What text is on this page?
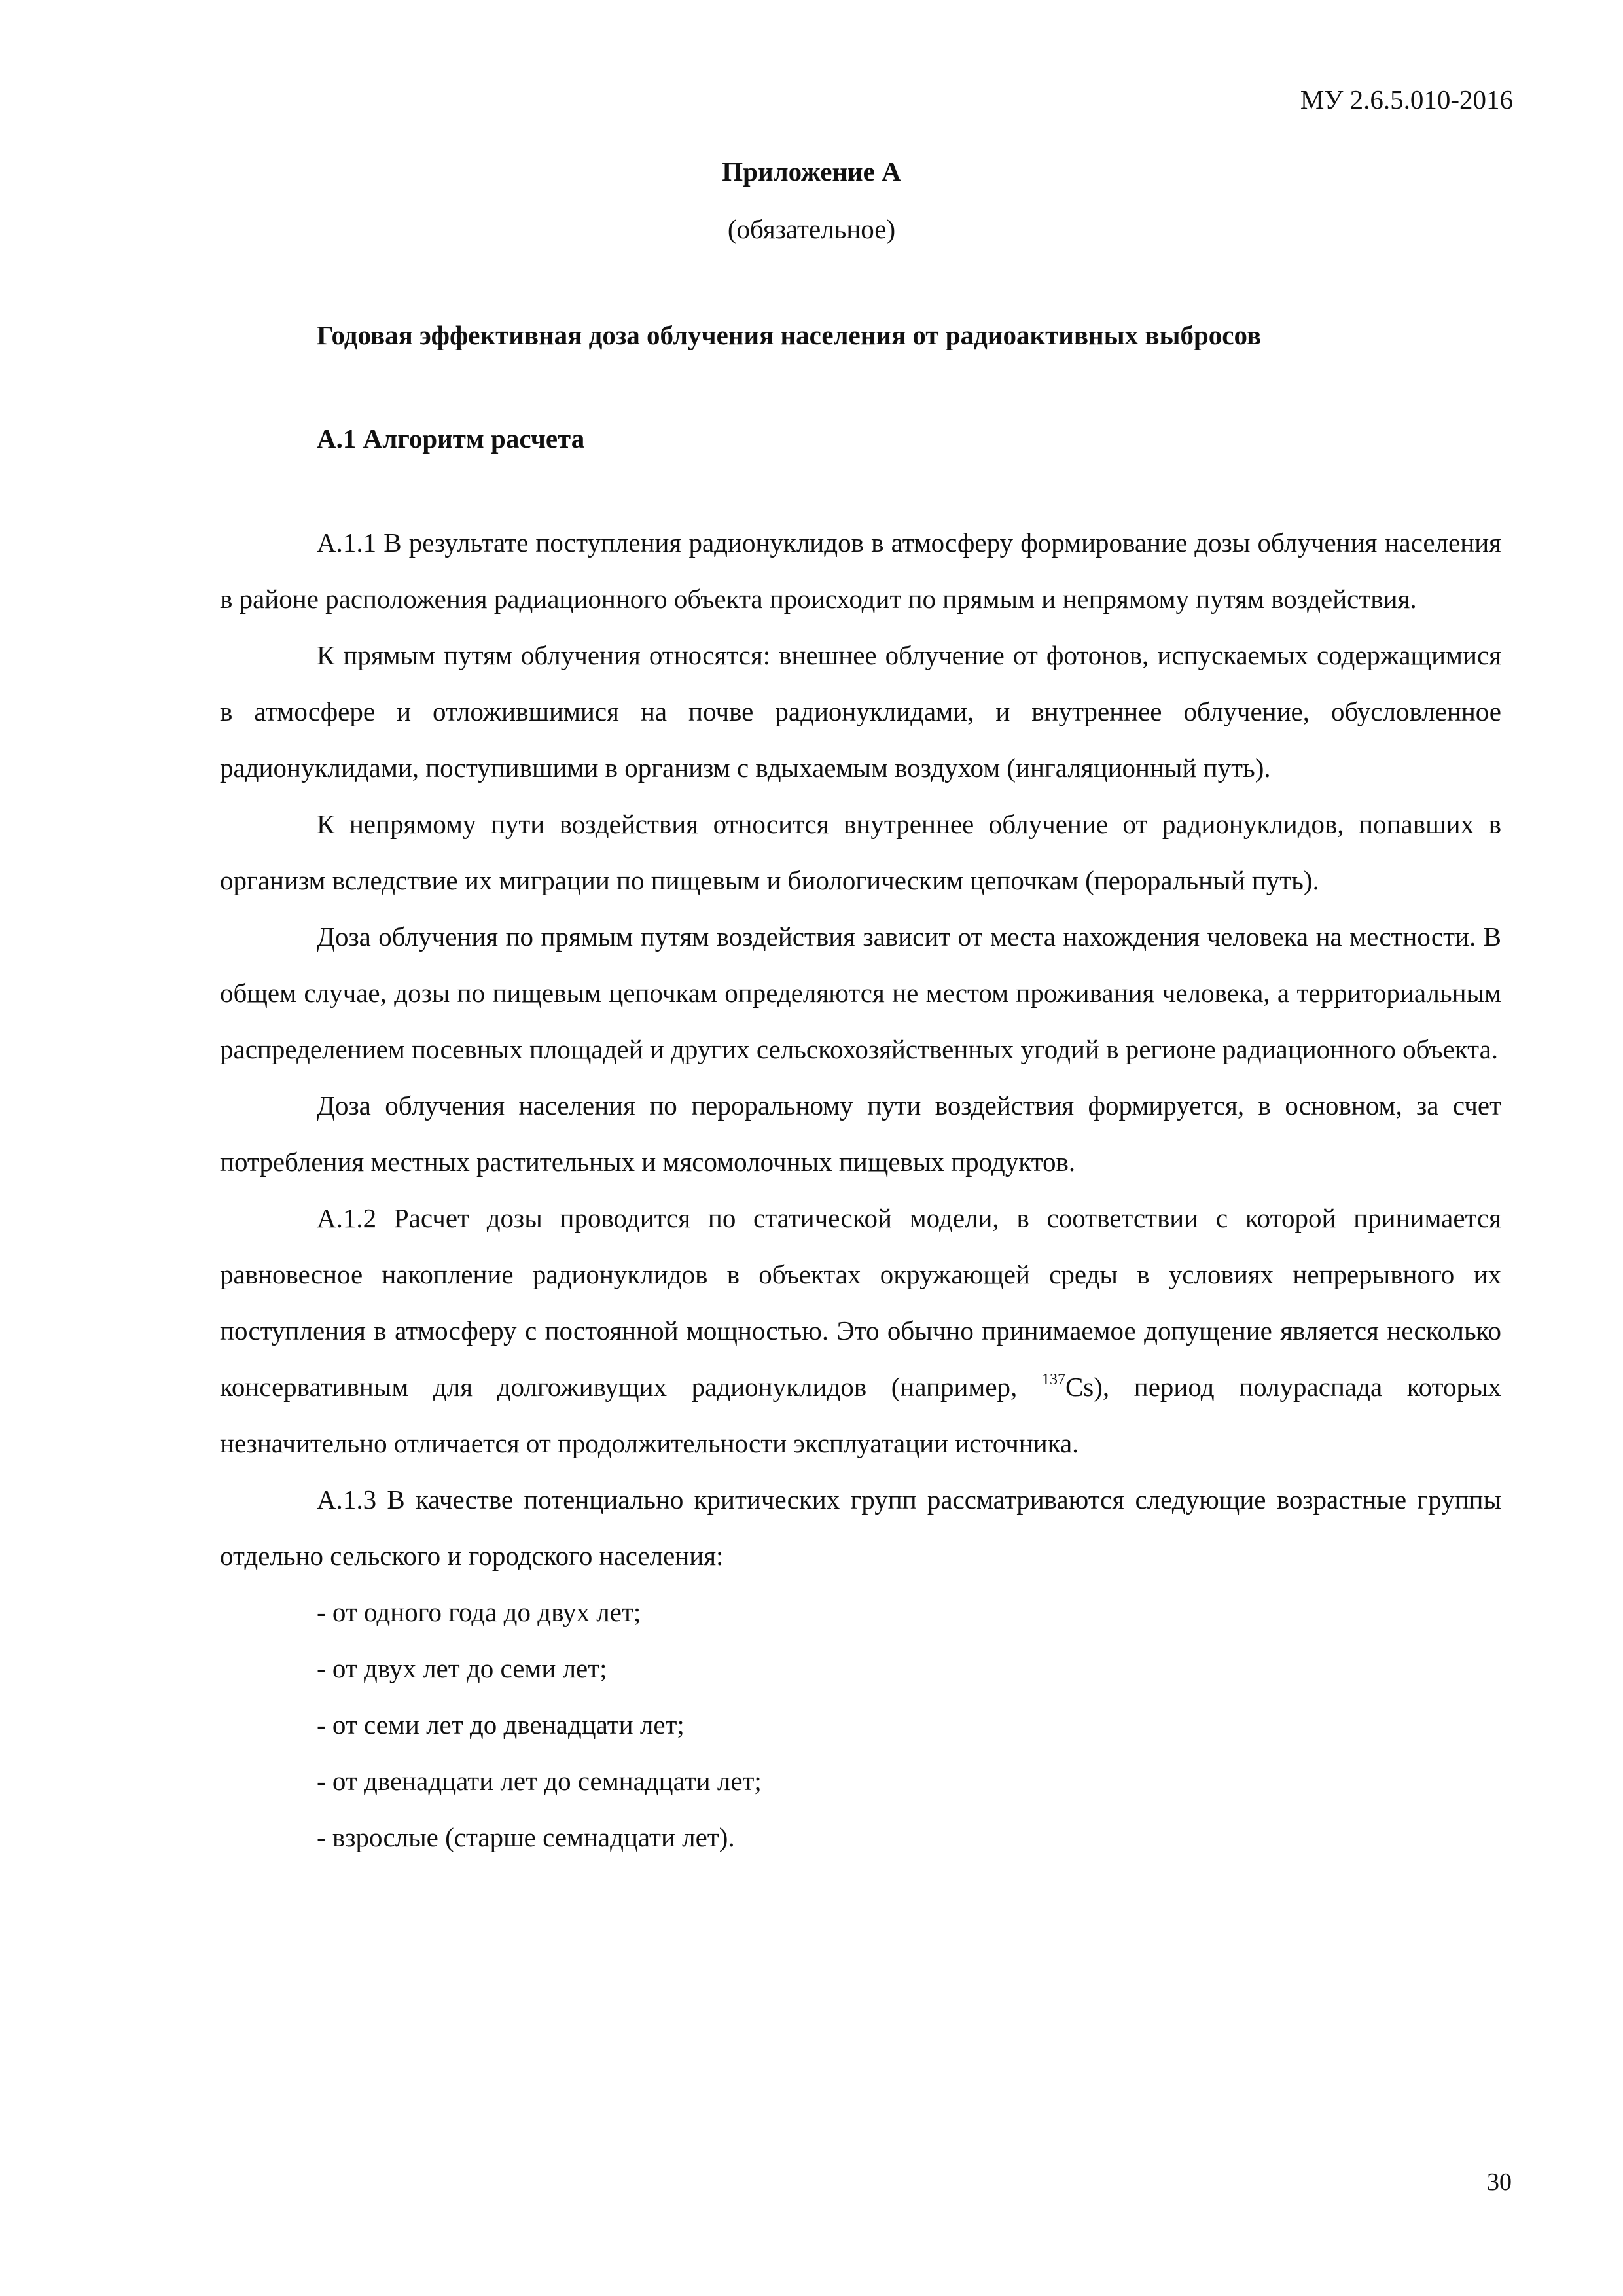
МУ 2.6.5.010-2016
Приложение А
(обязательное)
Годовая эффективная доза облучения населения от радиоактивных выбросов
А.1 Алгоритм расчета

А.1.1 В результате поступления радионуклидов в атмосферу формирование дозы облучения населения в районе расположения радиационного объекта происходит по прямым и непрямому путям воздействия.

К прямым путям облучения относятся: внешнее облучение от фотонов, испускаемых содержащимися в атмосфере и отложившимися на почве радионуклидами, и внутреннее облучение, обусловленное радионуклидами, поступившими в организм с вдыхаемым воздухом (ингаляционный путь).

К непрямому пути воздействия относится внутреннее облучение от радионуклидов, попавших в организм вследствие их миграции по пищевым и биологическим цепочкам (пероральный путь).

Доза облучения по прямым путям воздействия зависит от места нахождения человека на местности. В общем случае, дозы по пищевым цепочкам определяются не местом проживания человека, а территориальным распределением посевных площадей и других сельскохозяйственных угодий в регионе радиационного объекта.

Доза облучения населения по пероральному пути воздействия формируется, в основном, за счет потребления местных растительных и мясомолочных пищевых продуктов.

А.1.2 Расчет дозы проводится по статической модели, в соответствии с которой принимается равновесное накопление радионуклидов в объектах окружающей среды в условиях непрерывного их поступления в атмосферу с постоянной мощностью. Это обычно принимаемое допущение является несколько консервативным для долгоживущих радионуклидов (например, $^{137}$Cs), период полураспада которых незначительно отличается от продолжительности эксплуатации источника.

А.1.3 В качестве потенциально критических групп рассматриваются следующие возрастные группы отдельно сельского и городского населения:

- от одного года до двух лет;

- от двух лет до семи лет;

- от семи лет до двенадцати лет;

- от двенадцати лет до семнадцати лет;

- взрослые (старше семнадцати лет).

30
